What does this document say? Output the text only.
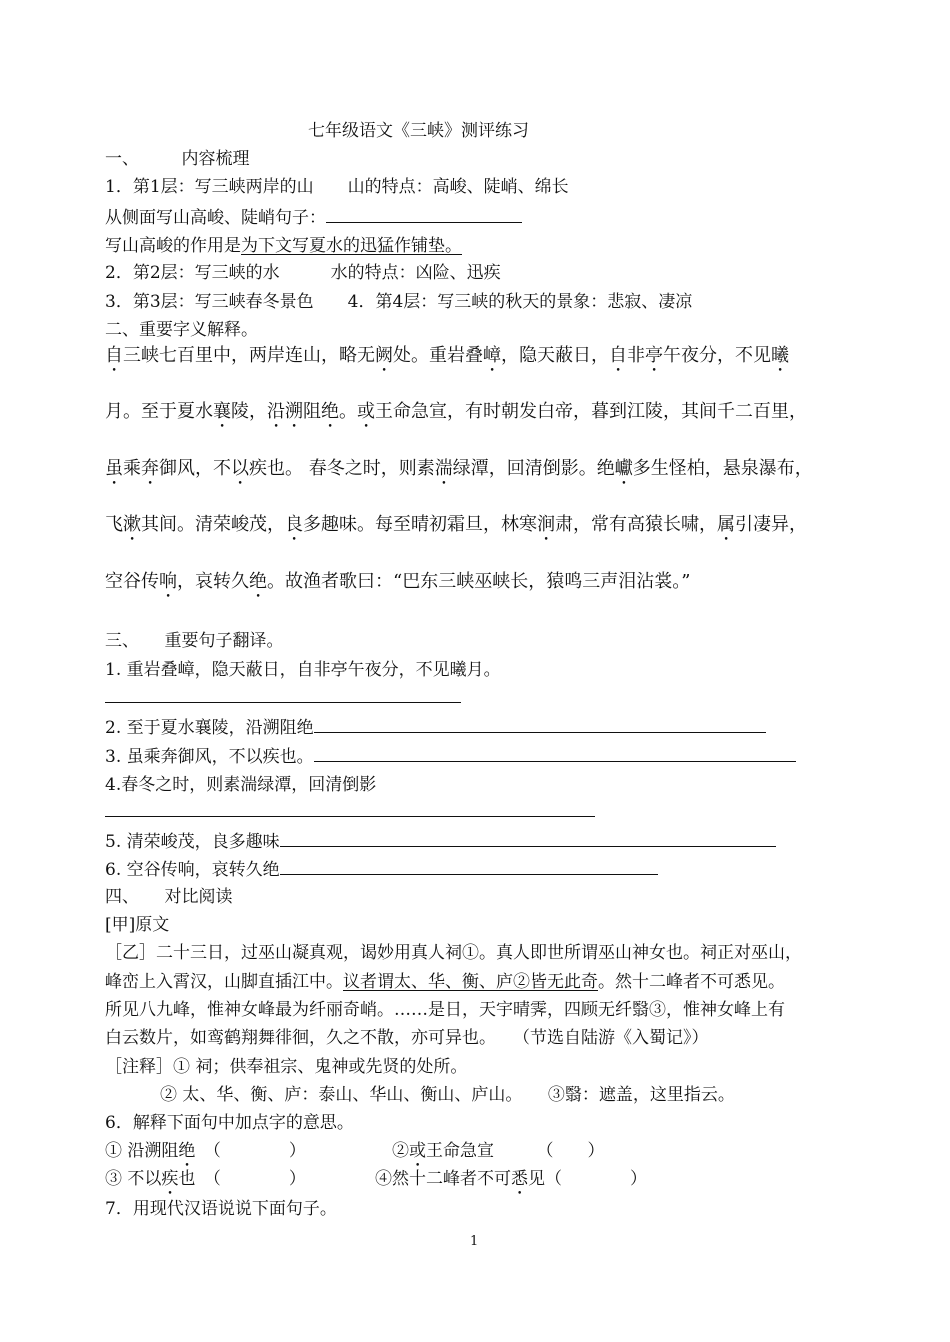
七年级语文《三峡》测评练习
一、　　　内容梳理
1．第1层：写三峡两岸的山　　山的特点：高峻、陡峭、绵长
从侧面写山高峻、陡峭句子：
写山高峻的作用是为下文写夏水的迅猛作铺垫。
2．第2层：写三峡的水　　　水的特点：凶险、迅疾
3．第3层：写三峡春冬景色　　4．第4层：写三峡的秋天的景象：悲寂、凄凉
二、重要字义解释。
自三峡七百里中，两岸连山，略无阙处。重岩叠嶂，隐天蔽日，自非亭午夜分，不见曦
月。至于夏水襄陵，沿溯阻绝。或王命急宣，有时朝发白帝，暮到江陵，其间千二百里，
虽乘奔御风，不以疾也。 春冬之时，则素湍绿潭，回清倒影。绝巘多生怪柏，悬泉瀑布，
飞漱其间。清荣峻茂，良多趣味。每至晴初霜旦，林寒涧肃，常有高猿长啸，属引凄异，
空谷传响，哀转久绝。故渔者歌曰：“巴东三峡巫峡长，猿鸣三声泪沾裳。”
三、　　重要句子翻译。
1. 重岩叠嶂，隐天蔽日，自非亭午夜分，不见曦月。
2. 至于夏水襄陵，沿溯阻绝
3. 虽乘奔御风，不以疾也。
4.春冬之时，则素湍绿潭，回清倒影
5. 清荣峻茂，良多趣味
6. 空谷传响，哀转久绝
四、　　对比阅读
[甲]原文
［乙］二十三日，过巫山凝真观，谒妙用真人祠①。真人即世所谓巫山神女也。祠正对巫山，
峰峦上入霄汉，山脚直插江中。议者谓太、华、衡、庐②皆无此奇。然十二峰者不可悉见。
所见八九峰，惟神女峰最为纤丽奇峭。……是日，天宇晴霁，四顾无纤翳③，惟神女峰上有
白云数片，如鸾鹤翔舞徘徊，久之不散，亦可异也。　　（节选自陆游《入蜀记》）
［注释］① 祠；供奉祖宗、鬼神或先贤的处所。
② 太、华、衡、庐：泰山、华山、衡山、庐山。　　③翳：遮盖，这里指云。
6．解释下面句中加点字的意思。
① 沿溯阻绝　（　　　　）	②或王命急宣　　　（　　）
③ 不以疾也　（　　　　）	④然十二峰者不可悉见（　　　　）
7．用现代汉语说说下面句子。
1
